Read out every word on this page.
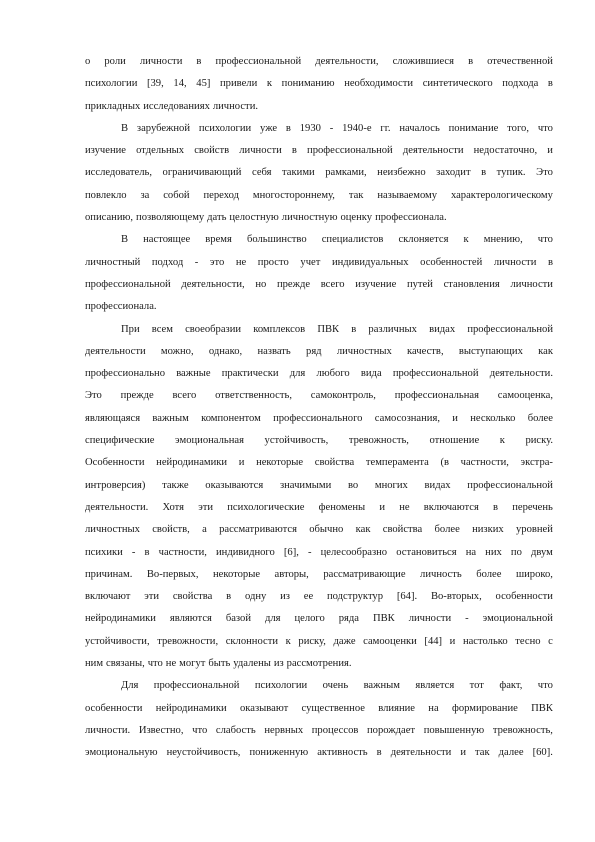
о роли личности в профессиональной деятельности, сложившиеся в отечественной
психологии [39, 14, 45] привели к пониманию необходимости синтетического подхода в
прикладных исследованиях личности.
В зарубежной психологии уже в 1930 - 1940-е гг. началось понимание того, что
изучение отдельных свойств личности в профессиональной деятельности недостаточно, и
исследователь, ограничивающий себя такими рамками, неизбежно заходит в тупик. Это
повлекло за собой переход многостороннему, так называемому характерологическому
описанию, позволяющему дать целостную личностную оценку профессионала.
В настоящее время большинство специалистов склоняется к мнению, что
личностный подход - это не просто учет индивидуальных особенностей личности в
профессиональной деятельности, но прежде всего изучение путей становления личности
профессионала.
При всем своеобразии комплексов ПВК в различных видах профессиональной
деятельности можно, однако, назвать ряд личностных качеств, выступающих как
профессионально важные практически для любого вида профессиональной деятельности.
Это прежде всего ответственность, самоконтроль, профессиональная самооценка,
являющаяся важным компонентом профессионального самосознания, и несколько более
специфические эмоциональная устойчивость, тревожность, отношение к риску.
Особенности нейродинамики и некоторые свойства темперамента (в частности, экстра-
интроверсия) также оказываются значимыми во многих видах профессиональной
деятельности. Хотя эти психологические феномены и не включаются в перечень
личностных свойств, а рассматриваются обычно как свойства более низких уровней
психики - в частности, индивидного [6], - целесообразно остановиться на них по двум
причинам. Во-первых, некоторые авторы, рассматривающие личность более широко,
включают эти свойства в одну из ее подструктур [64]. Во-вторых, особенности
нейродинамики являются базой для целого ряда ПВК личности - эмоциональной
устойчивости, тревожности, склонности к риску, даже самооценки [44] и настолько тесно с
ним связаны, что не могут быть удалены из рассмотрения.
Для профессиональной психологии очень важным является тот факт, что
особенности нейродинамики оказывают существенное влияние на формирование ПВК
личности. Известно, что слабость нервных процессов порождает повышенную тревожность,
эмоциональную неустойчивость, пониженную активность в деятельности и так далее [60].
